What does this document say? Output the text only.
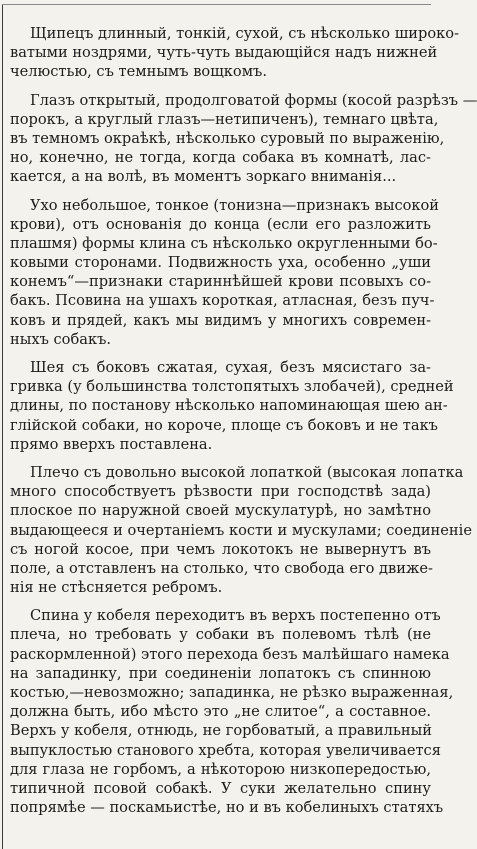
Щипецъ длинный, тонкій, сухой, съ нѣсколько широко-
ватыми ноздрями, чуть-чуть выдающійся надъ нижней
челюстью, съ темнымъ вощкомъ.
Глазъ открытый, продолговатой формы (косой разрѣзъ —
порокъ, а круглый глазъ—нетипиченъ), темнаго цвѣта,
въ темномъ окраѣкѣ, нѣсколько суровый по выраженію,
но, конечно, не тогда, когда собака въ комнатѣ, лас-
кается, а на волѣ, въ моментъ зоркаго вниманія...
Ухо небольшое, тонкое (тонизна—признакъ высокой
крови), отъ основанія до конца (если его разложить
плашмя) формы клина съ нѣсколько округленными бо-
ковыми сторонами. Подвижность уха, особенно „уши
конемъ“—признаки стариннѣйшей крови псовыхъ со-
бакъ. Псовина на ушахъ короткая, атласная, безъ пуч-
ковъ и прядей, какъ мы видимъ у многихъ современ-
ныхъ собакъ.
Шея съ боковъ сжатая, сухая, безъ мясистаго за-
гривка (у большинства толстопятыхъ злобачей), средней
длины, по постанову нѣсколько напоминающая шею ан-
глійской собаки, но короче, площе съ боковъ и не такъ
прямо вверхъ поставлена.
Плечо съ довольно высокой лопаткой (высокая лопатка
много способствуетъ рѣзвости при господствѣ зада)
плоское по наружной своей мускулатурѣ, но замѣтно
выдающееся и очертаніемъ кости и мускулами; соединеніе
съ ногой косое, при чемъ локотокъ не вывернутъ въ
поле, а отставленъ на столько, что свобода его движе-
нія не стѣсняется ребромъ.
Спина у кобеля переходитъ въ верхъ постепенно отъ
плеча, но требовать у собаки въ полевомъ тѣлѣ (не
раскормленной) этого перехода безъ малѣйшаго намека
на западинку, при соединеніи лопатокъ съ спинною
костью,—невозможно; западинка, не рѣзко выраженная,
должна быть, ибо мѣсто это „не слитое“, а составное.
Верхъ у кобеля, отнюдь, не горбоватый, а правильный
выпуклостью станового хребта, которая увеличивается
для глаза не горбомъ, а нѣкоторою низкопередостью,
типичной псовой собакѣ. У суки желательно спину
попрямѣе — поскамьистѣе, но и въ кобелиныхъ статяхъ
